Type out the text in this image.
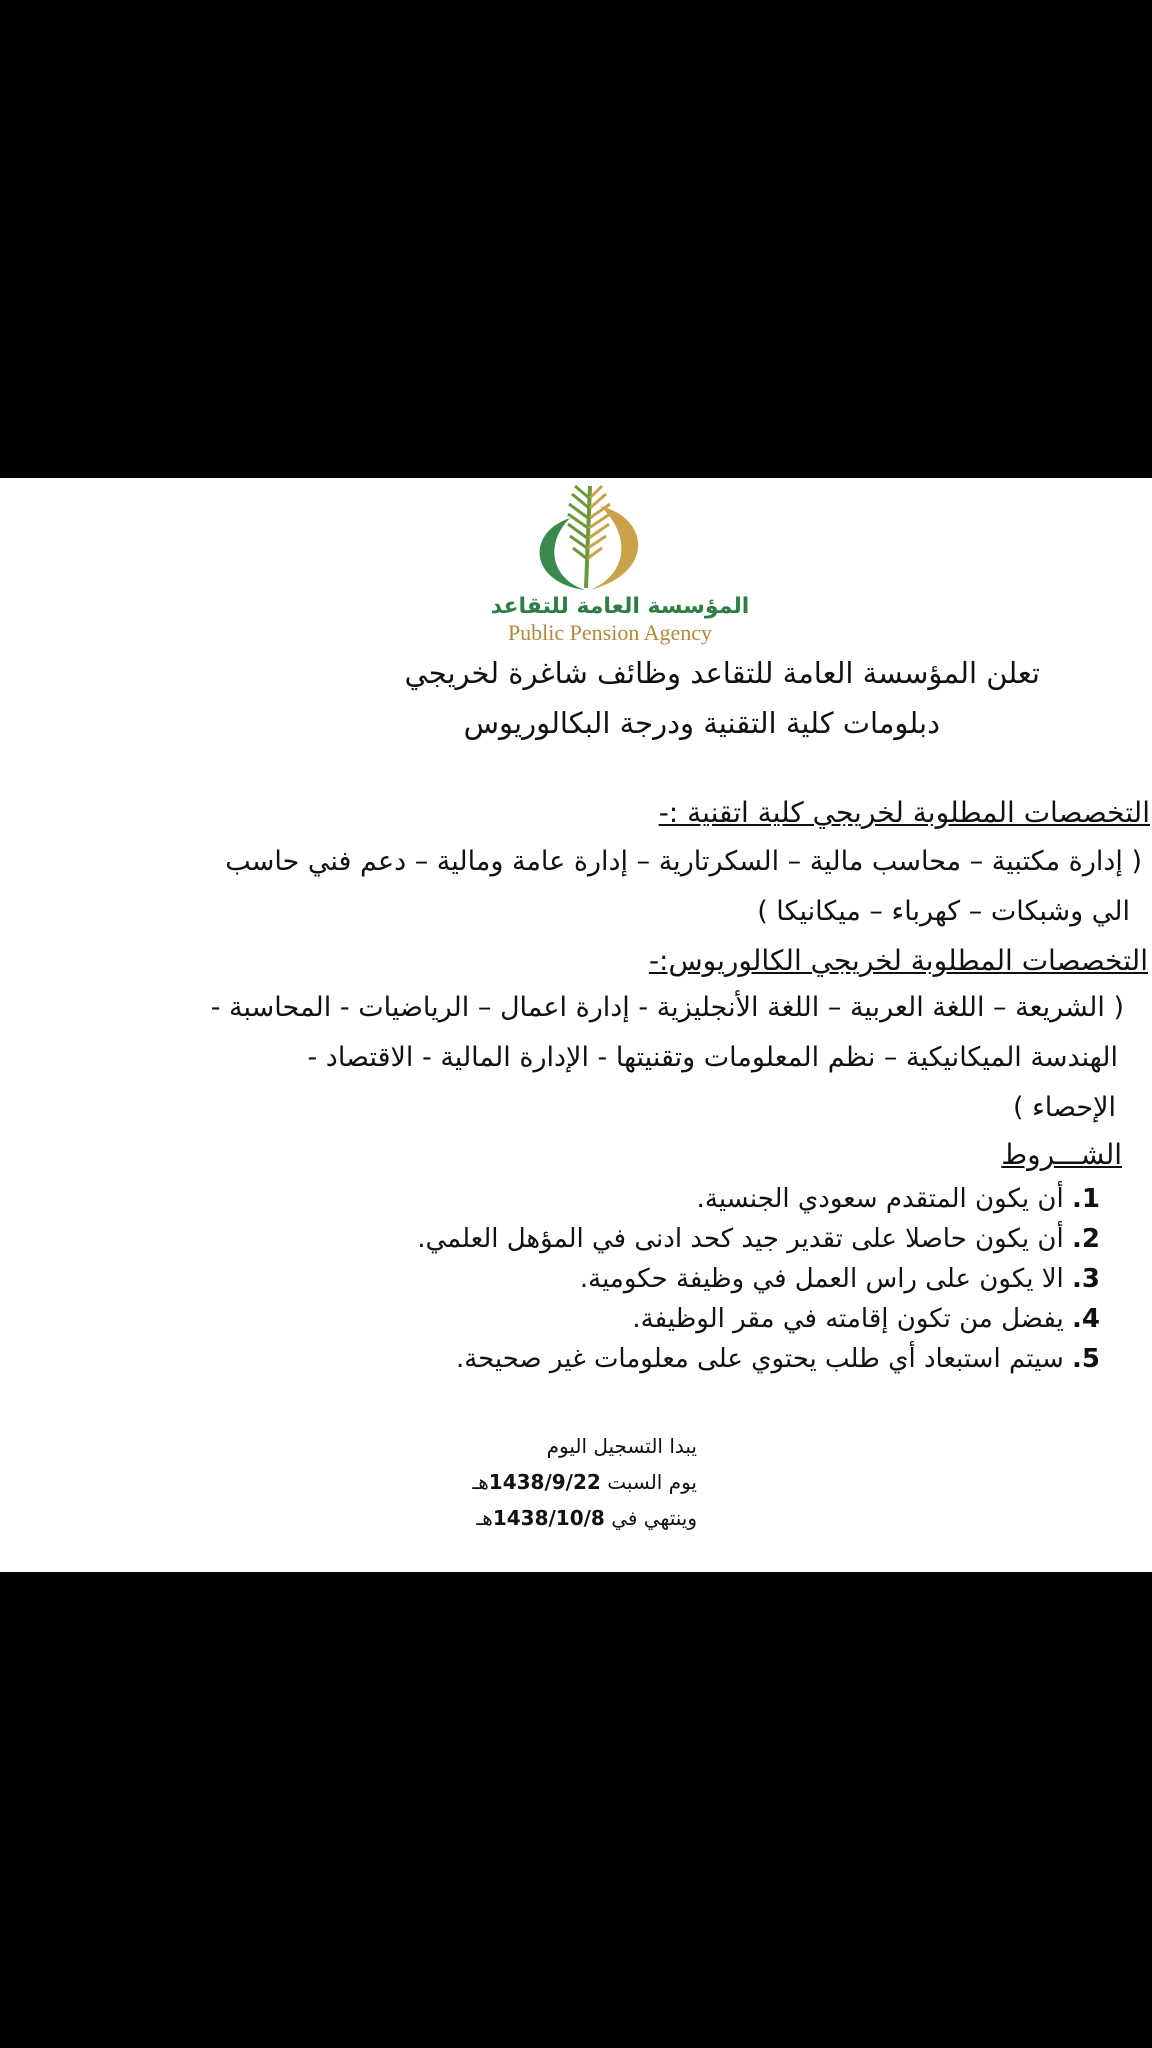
المؤسسة العامة للتقاعد
Public Pension Agency
تعلن المؤسسة العامة للتقاعد وظائف شاغرة لخريجي
دبلومات كلية التقنية ودرجة البكالوريوس
التخصصات المطلوبة لخريجي كلية اتقنية :-
( إدارة مكتبية – محاسب مالية – السكرتارية – إدارة عامة ومالية – دعم فني حاسب
الي وشبكات – كهرباء – ميكانيكا )
التخصصات المطلوبة لخريجي الكالوريوس:-
( الشريعة – اللغة العربية – اللغة الأنجليزية - إدارة اعمال – الرياضيات - المحاسبة -
الهندسة الميكانيكية – نظم المعلومات وتقنيتها - الإدارة المالية - الاقتصاد -
الإحصاء )
الشـــروط
1. أن يكون المتقدم سعودي الجنسية.
2. أن يكون حاصلا على تقدير جيد كحد ادنى في المؤهل العلمي.
3. الا يكون على راس العمل في وظيفة حكومية.
4. يفضل من تكون إقامته في مقر الوظيفة.
5. سيتم استبعاد أي طلب يحتوي على معلومات غير صحيحة.
يبدا التسجيل اليوم
يوم السبت 1438/9/22هـ
وينتهي في 1438/10/8هـ
